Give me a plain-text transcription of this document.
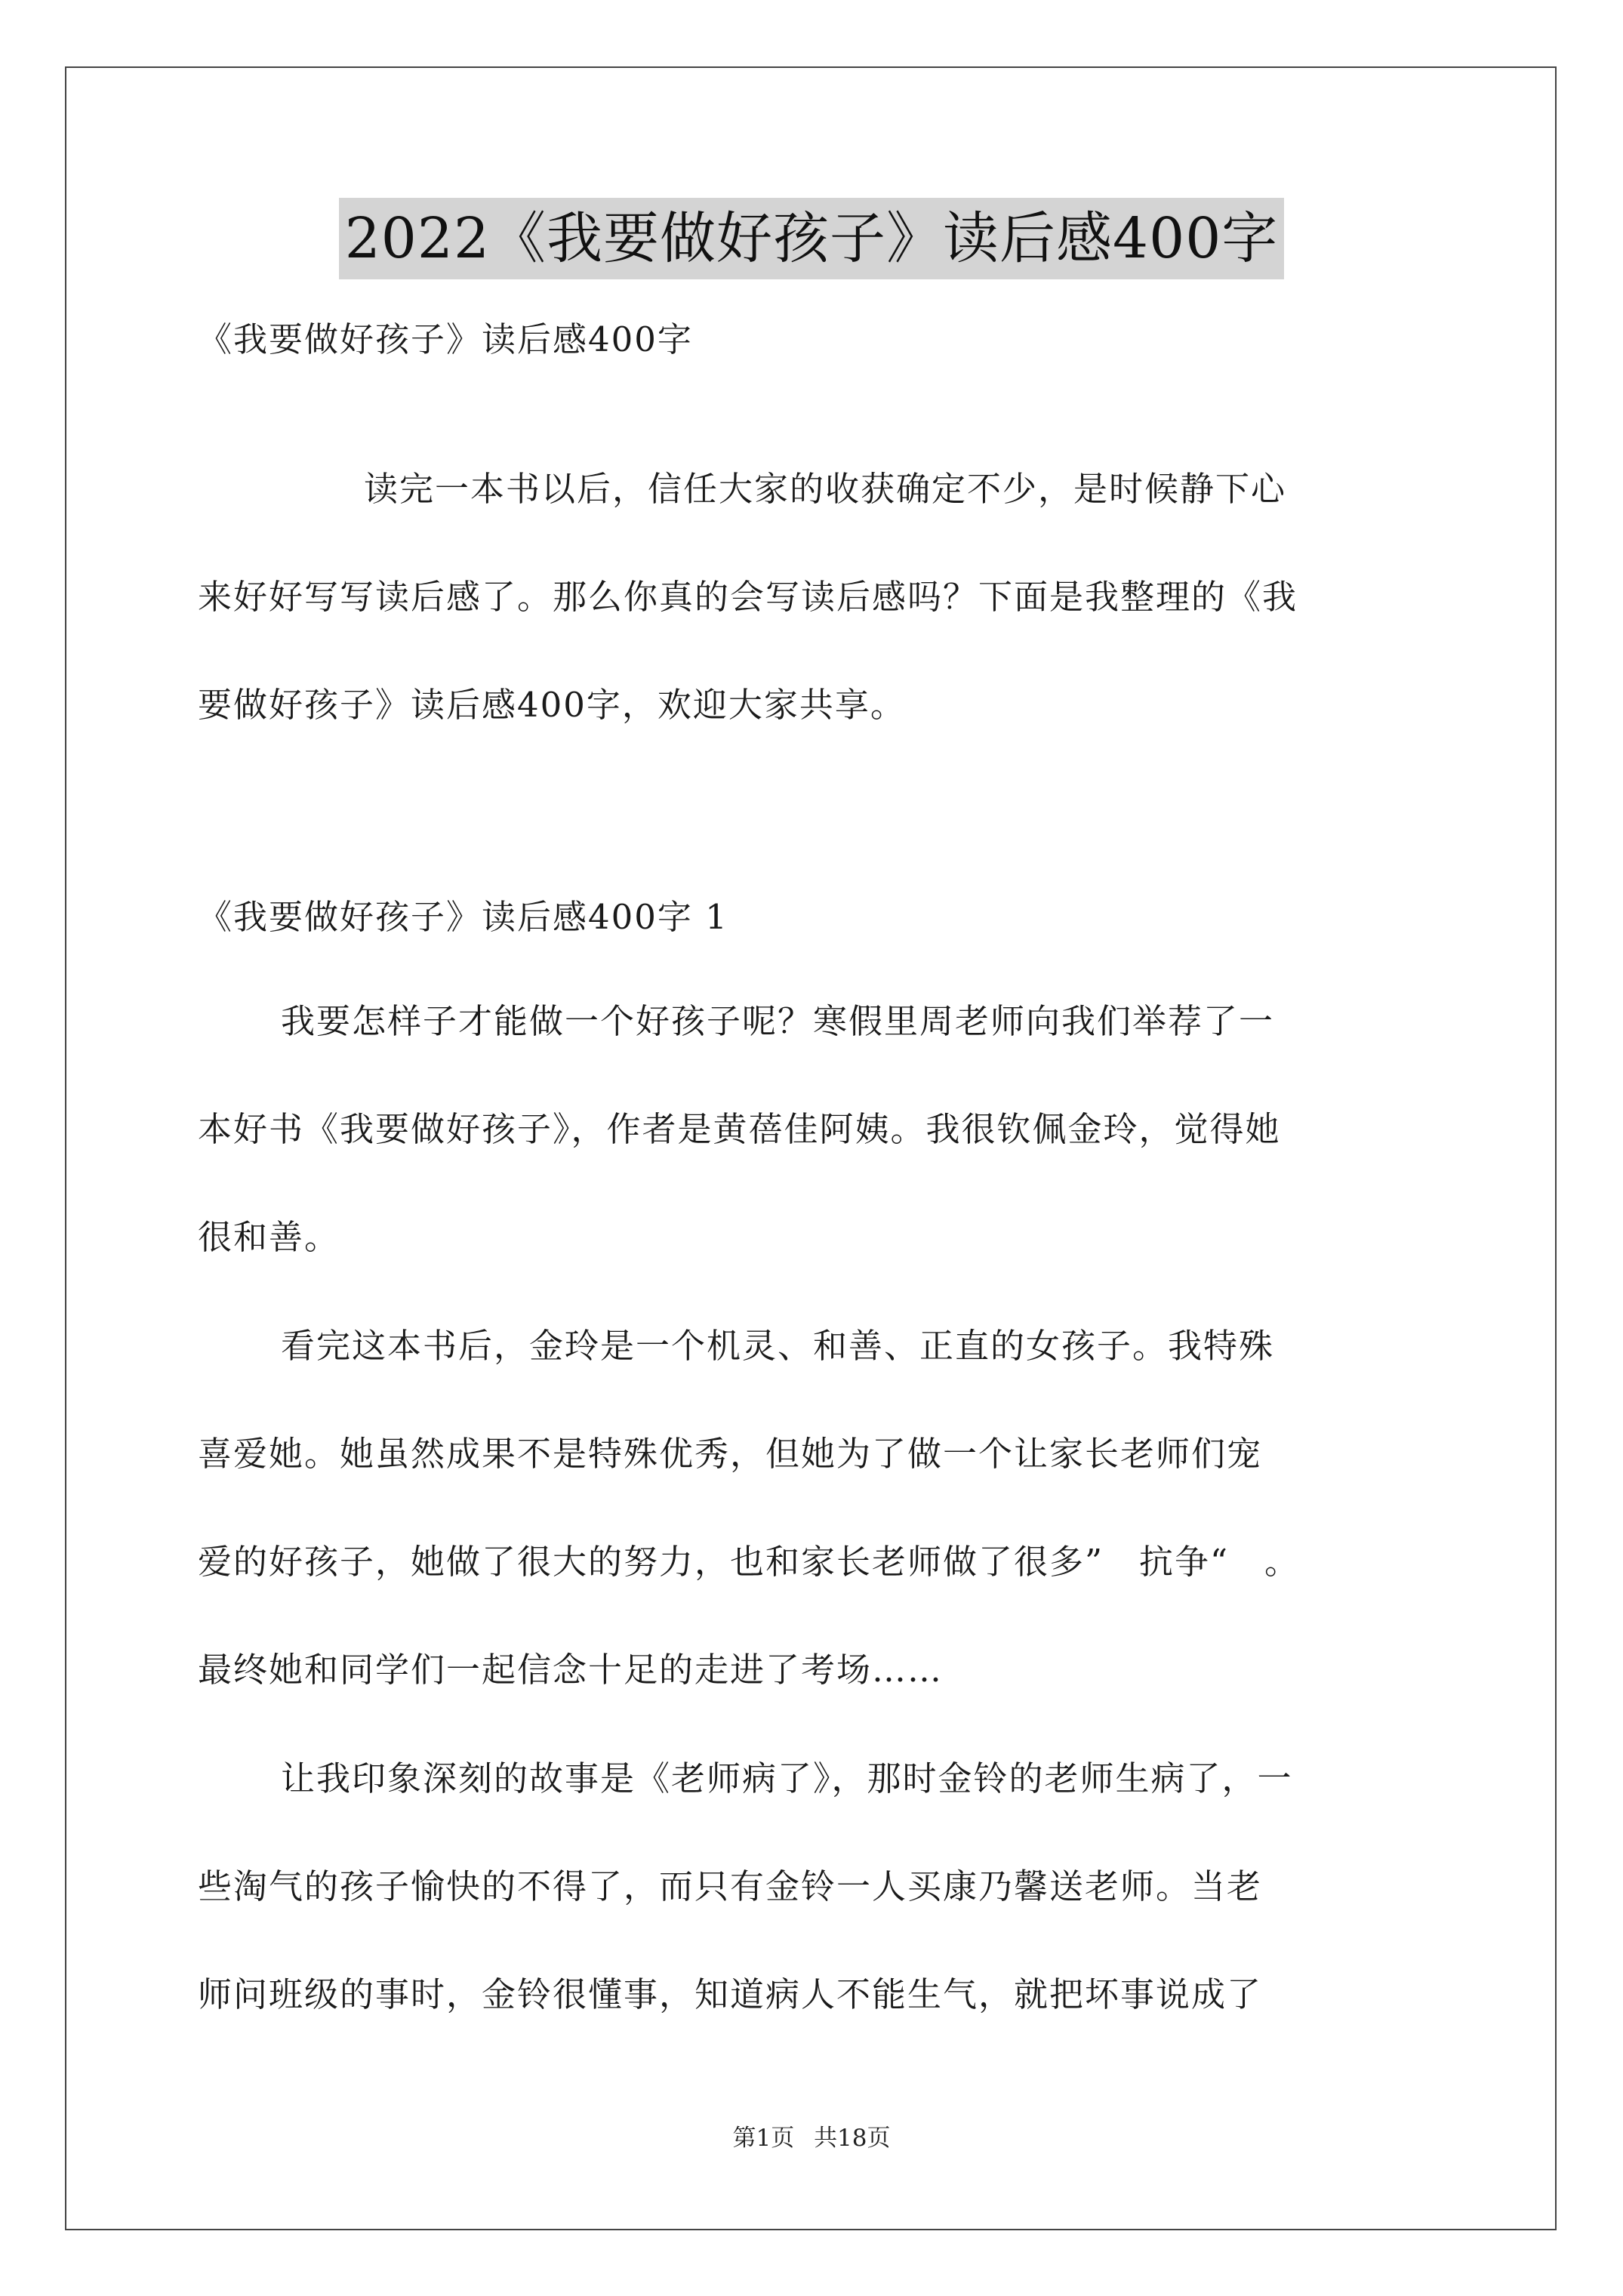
2022《我要做好孩子》读后感400字
《我要做好孩子》读后感400字
读完一本书以后，信任大家的收获确定不少，是时候静下心
来好好写写读后感了。那么你真的会写读后感吗？下面是我整理的《我
要做好孩子》读后感400字，欢迎大家共享。
《我要做好孩子》读后感400字 1
我要怎样子才能做一个好孩子呢？寒假里周老师向我们举荐了一
本好书《我要做好孩子》，作者是黄蓓佳阿姨。我很钦佩金玲，觉得她
很和善。
看完这本书后，金玲是一个机灵、和善、正直的女孩子。我特殊
喜爱她。她虽然成果不是特殊优秀，但她为了做一个让家长老师们宠
爱的好孩子，她做了很大的努力，也和家长老师做了很多”　抗争“　。
最终她和同学们一起信念十足的走进了考场……
让我印象深刻的故事是《老师病了》，那时金铃的老师生病了，一
些淘气的孩子愉快的不得了，而只有金铃一人买康乃馨送老师。当老
师问班级的事时，金铃很懂事，知道病人不能生气，就把坏事说成了
第1页 共18页
